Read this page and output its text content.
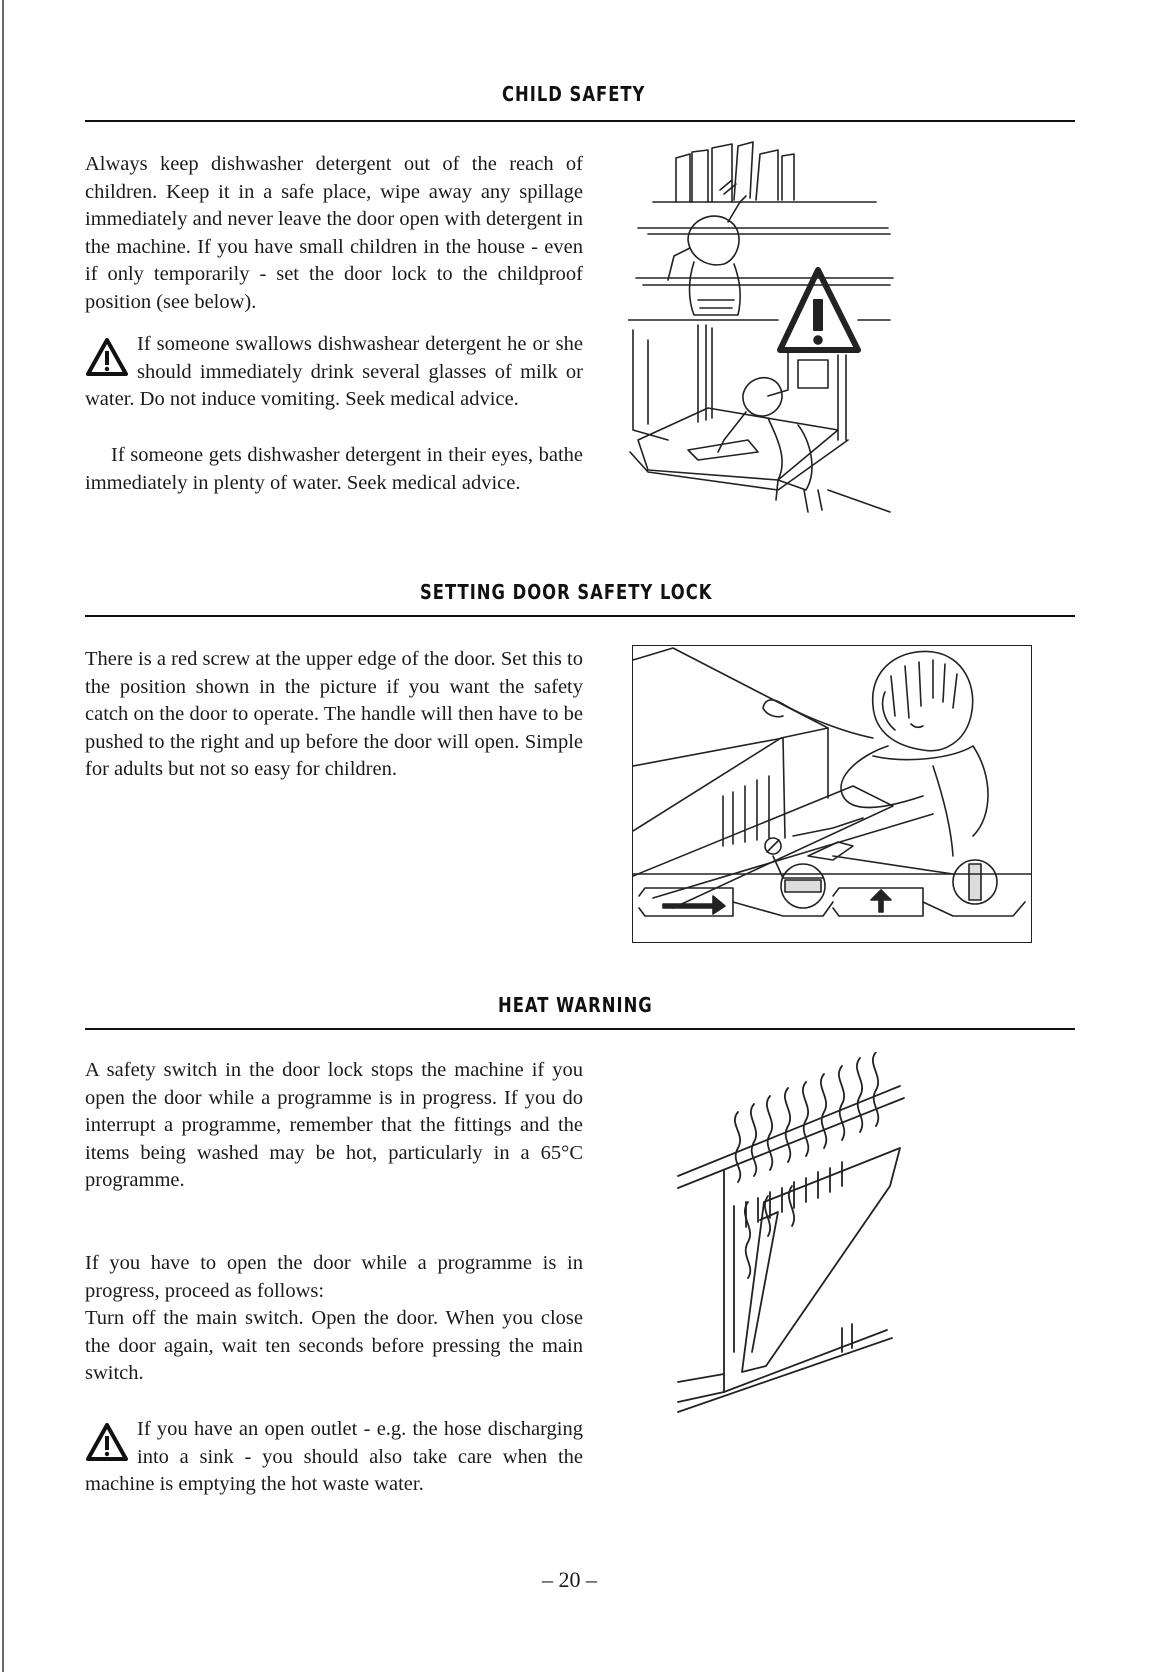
CHILD SAFETY

Always keep dishwasher detergent out of the reach of children. Keep it in a safe place, wipe away any spillage immediately and never leave the door open with detergent in the machine. If you have small children in the house - even if only temporarily - set the door lock to the childproof position (see below).

If someone swallows dishwashear detergent he or she should immediately drink several glasses of milk or water. Do not induce vomiting. Seek medical advice.

If someone gets dishwasher detergent in their eyes, bathe immediately in plenty of water. Seek medical advice.

SETTING DOOR SAFETY LOCK

There is a red screw at the upper edge of the door. Set this to the position shown in the picture if you want the safety catch on the door to operate. The handle will then have to be pushed to the right and up before the door will open. Simple for adults but not so easy for children.

HEAT WARNING

A safety switch in the door lock stops the machine if you open the door while a programme is in progress. If you do interrupt a programme, remember that the fittings and the items being washed may be hot, particularly in a 65°C programme.

If you have to open the door while a programme is in progress, proceed as follows:

Turn off the main switch. Open the door. When you close the door again, wait ten seconds before pressing the main switch.

If you have an open outlet - e.g. the hose discharging into a sink - you should also take care when the machine is emptying the hot waste water.

– 20 –
